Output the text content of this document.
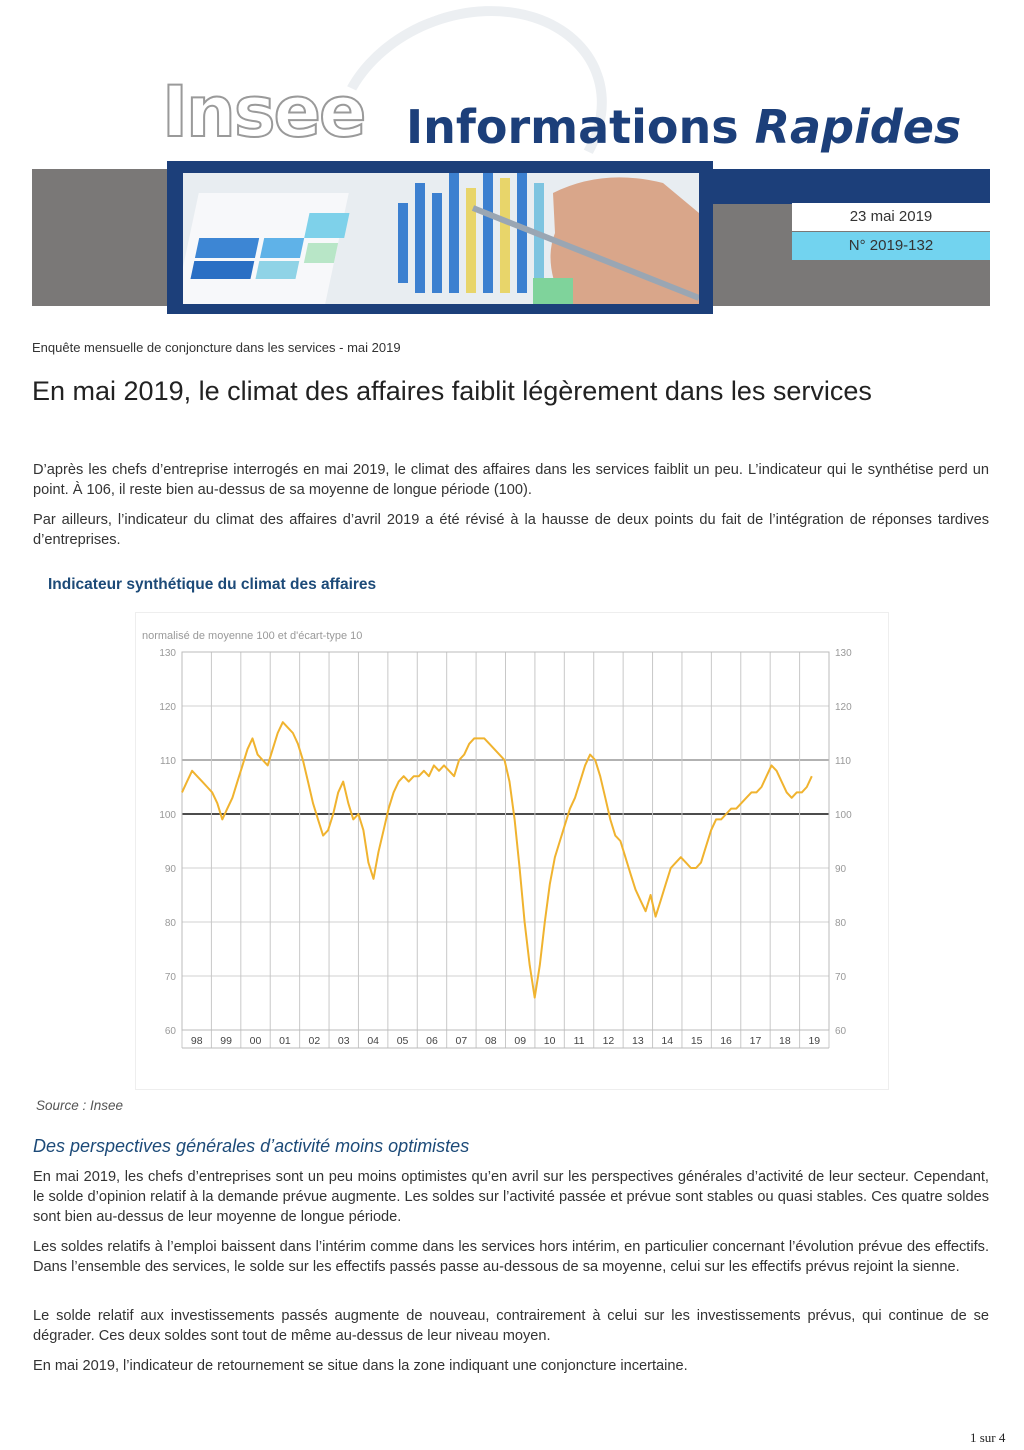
Insee Informations Rapides
23 mai 2019
N° 2019-132
Enquête mensuelle de conjoncture dans les services - mai 2019
En mai 2019, le climat des affaires faiblit légèrement dans les services
D’après les chefs d’entreprise interrogés en mai 2019, le climat des affaires dans les services faiblit un peu. L’indicateur qui le synthétise perd un point. À 106, il reste bien au-dessus de sa moyenne de longue période (100).
Par ailleurs, l’indicateur du climat des affaires d’avril 2019 a été révisé à la hausse de deux points du fait de l’intégration de réponses tardives d’entreprises.
Indicateur synthétique du climat des affaires
normalisé de moyenne 100 et d'écart-type 10
60	60
70	70
80	80
90	90
100	100
110	110
120	120
130	130
98 99 00 01 02 03 04 05 06 07 08 09 10 11 12 13 14 15 16 17 18 19
Source : Insee
Des perspectives générales d’activité moins optimistes
En mai 2019, les chefs d’entreprises sont un peu moins optimistes qu’en avril sur les perspectives générales d’activité de leur secteur. Cependant, le solde d’opinion relatif à la demande prévue augmente. Les soldes sur l’activité passée et prévue sont stables ou quasi stables. Ces quatre soldes sont bien au-dessus de leur moyenne de longue période.
Les soldes relatifs à l’emploi baissent dans l’intérim comme dans les services hors intérim, en particulier concernant l’évolution prévue des effectifs. Dans l’ensemble des services, le solde sur les effectifs passés passe au-dessous de sa moyenne, celui sur les effectifs prévus rejoint la sienne.
Le solde relatif aux investissements passés augmente de nouveau, contrairement à celui sur les investissements prévus, qui continue de se dégrader. Ces deux soldes sont tout de même au-dessus de leur niveau moyen.
En mai 2019, l’indicateur de retournement se situe dans la zone indiquant une conjoncture incertaine.
1 sur 4
